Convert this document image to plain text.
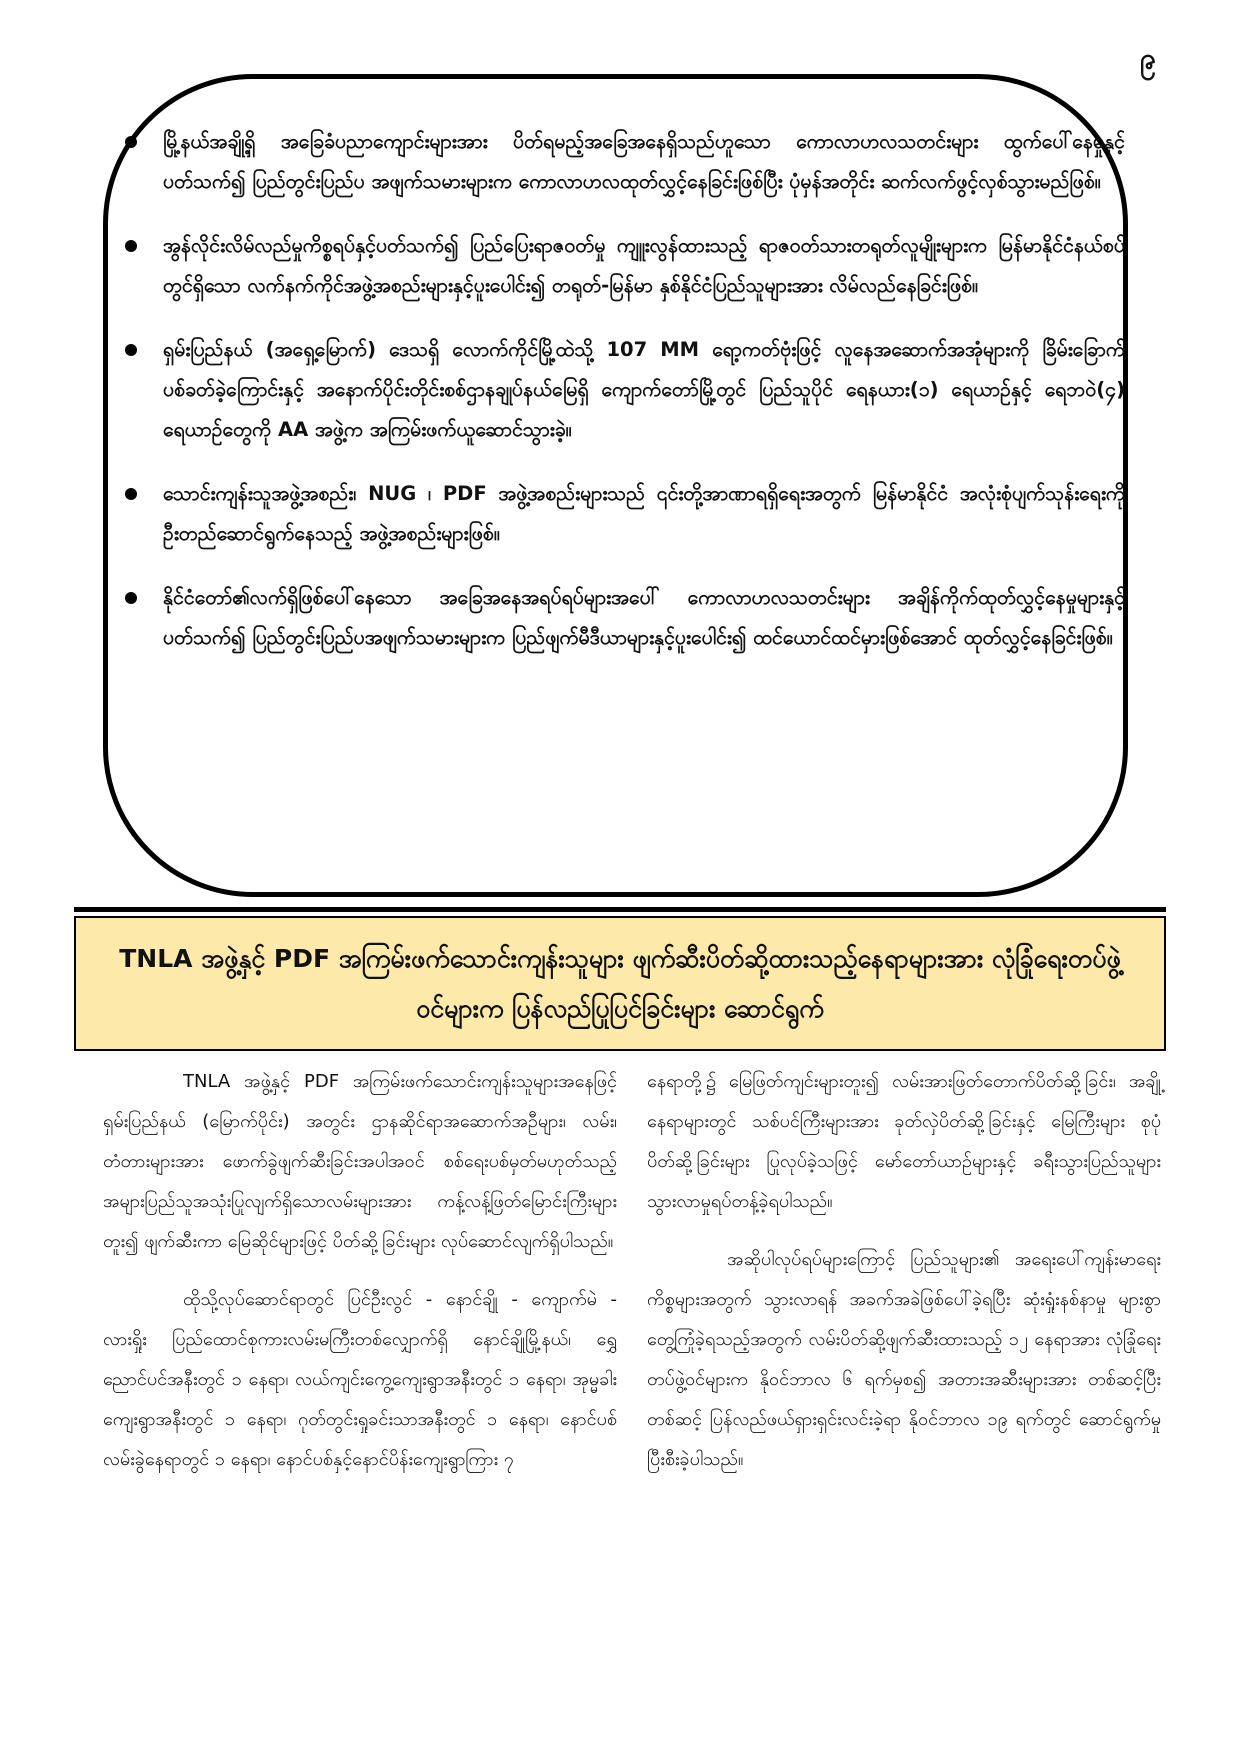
၉
မြို့နယ်အချို့ရှိ အခြေခံပညာကျောင်းများအား ပိတ်ရမည့်အခြေအနေရှိသည်ဟူသော ကောလာဟလသတင်းများ ထွက်ပေါ်နေမှုနှင့်ပတ်သက်၍ ပြည်တွင်းပြည်ပ အဖျက်သမားများက ကောလာဟလထုတ်လွှင့်နေခြင်းဖြစ်ပြီး ပုံမှန်အတိုင်း ဆက်လက်ဖွင့်လှစ်သွားမည်ဖြစ်။
အွန်လိုင်းလိမ်လည်မှုကိစ္စရပ်နှင့်ပတ်သက်၍ ပြည်ပြေးရာဇဝတ်မှု ကျူးလွန်ထားသည့် ရာဇဝတ်သားတရုတ်လူမျိုးများက မြန်မာနိုင်ငံနယ်စပ်တွင်ရှိသော လက်နက်ကိုင်အဖွဲ့အစည်းများနှင့်ပူးပေါင်း၍ တရုတ်-မြန်မာ နှစ်နိုင်ငံပြည်သူများအား လိမ်လည်နေခြင်းဖြစ်။
ရှမ်းပြည်နယ် (အရှေ့မြောက်) ဒေသရှိ လောက်ကိုင်မြို့ထဲသို့ 107 MM ရော့ကတ်ဗုံးဖြင့် လူနေအဆောက်အအုံများကို ခြိမ်းခြောက်ပစ်ခတ်ခဲ့ကြောင်းနှင့် အနောက်ပိုင်းတိုင်းစစ်ဌာနချုပ်နယ်မြေရှိ ကျောက်တော်မြို့တွင် ပြည်သူပိုင် ရေနယား(၁) ရေယာဉ်နှင့် ရေဘဝဲ(၄) ရေယာဉ်တွေကို AA အဖွဲ့က အကြမ်းဖက်ယူဆောင်သွားခဲ့။
သောင်းကျန်းသူအဖွဲ့အစည်း၊ NUG ၊ PDF အဖွဲ့အစည်းများသည် ၎င်းတို့အာဏာရရှိရေးအတွက် မြန်မာနိုင်ငံ အလုံးစုံပျက်သုန်းရေးကို ဦးတည်ဆောင်ရွက်နေသည့် အဖွဲ့အစည်းများဖြစ်။
နိုင်ငံတော်၏လက်ရှိဖြစ်ပေါ်နေသော အခြေအနေအရပ်ရပ်များအပေါ် ကောလာဟလသတင်းများ အချိန်ကိုက်ထုတ်လွှင့်နေမှုများနှင့်ပတ်သက်၍ ပြည်တွင်းပြည်ပအဖျက်သမားများက ပြည်ဖျက်မီဒီယာများနှင့်ပူးပေါင်း၍ ထင်ယောင်ထင်မှားဖြစ်အောင် ထုတ်လွှင့်နေခြင်းဖြစ်။
TNLA အဖွဲ့နှင့် PDF အကြမ်းဖက်သောင်းကျန်းသူများ ဖျက်ဆီးပိတ်ဆို့ထားသည့်နေရာများအား လုံခြုံရေးတပ်ဖွဲ့ဝင်များက ပြန်လည်ပြုပြင်ခြင်းများ ဆောင်ရွက်

TNLA အဖွဲ့နှင့် PDF အကြမ်းဖက်သောင်းကျန်းသူများအနေဖြင့် ရှမ်းပြည်နယ် (မြောက်ပိုင်း) အတွင်း ဌာနဆိုင်ရာအဆောက်အဦများ၊ လမ်း၊ တံတားများအား ဖောက်ခွဲဖျက်ဆီးခြင်းအပါအဝင် စစ်ရေးပစ်မှတ်မဟုတ်သည့် အများပြည်သူအသုံးပြုလျက်ရှိသောလမ်းများအား ကန့်လန့်ဖြတ်မြောင်းကြီးများတူး၍ ဖျက်ဆီးကာ မြေဆိုင်များဖြင့် ပိတ်ဆို့ခြင်းများ လုပ်ဆောင်လျက်ရှိပါသည်။

ထိုသို့လုပ်ဆောင်ရာတွင် ပြင်ဦးလွင် - နောင်ချို - ကျောက်မဲ - လားရှိုး ပြည်ထောင်စုကားလမ်းမကြီးတစ်လျှောက်ရှိ နောင်ချိုမြို့နယ်၊ ရွှေညောင်ပင်အနီးတွင် ၁ နေရာ၊ လယ်ကျင်းကွေ့ကျေးရွာအနီးတွင် ၁ နေရာ၊ အုမ္မခါးကျေးရွာအနီးတွင် ၁ နေရာ၊ ဂုတ်တွင်းရှုခင်းသာအနီးတွင် ၁ နေရာ၊ နောင်ပစ်လမ်းခွဲနေရာတွင် ၁ နေရာ၊ နောင်ပစ်နှင့်နောင်ပိန်းကျေးရွာကြား ၇

နေရာတို့၌ မြေဖြတ်ကျင်းများတူး၍ လမ်းအားဖြတ်တောက်ပိတ်ဆို့ခြင်း၊ အချို့နေရာများတွင် သစ်ပင်ကြီးများအား ခုတ်လှဲပိတ်ဆို့ခြင်းနှင့် မြေကြီးများ စုပုံပိတ်ဆို့ခြင်းများ ပြုလုပ်ခဲ့သဖြင့် မော်တော်ယာဉ်များနှင့် ခရီးသွားပြည်သူများ သွားလာမှုရပ်တန့်ခဲ့ရပါသည်။

အဆိုပါလုပ်ရပ်များကြောင့် ပြည်သူများ၏ အရေးပေါ်ကျန်းမာရေးကိစ္စများအတွက် သွားလာရန် အခက်အခဲဖြစ်ပေါ်ခဲ့ရပြီး ဆုံးရှုံးနစ်နာမှု များစွာတွေ့ကြုံခဲ့ရသည့်အတွက် လမ်းပိတ်ဆို့ဖျက်ဆီးထားသည့် ၁၂ နေရာအား လုံခြုံရေးတပ်ဖွဲ့ဝင်များက နိုဝင်ဘာလ ၆ ရက်မှစ၍ အတားအဆီးများအား တစ်ဆင့်ပြီးတစ်ဆင့် ပြန်လည်ဖယ်ရှားရှင်းလင်းခဲ့ရာ နိုဝင်ဘာလ ၁၉ ရက်တွင် ဆောင်ရွက်မှုပြီးစီးခဲ့ပါသည်။
